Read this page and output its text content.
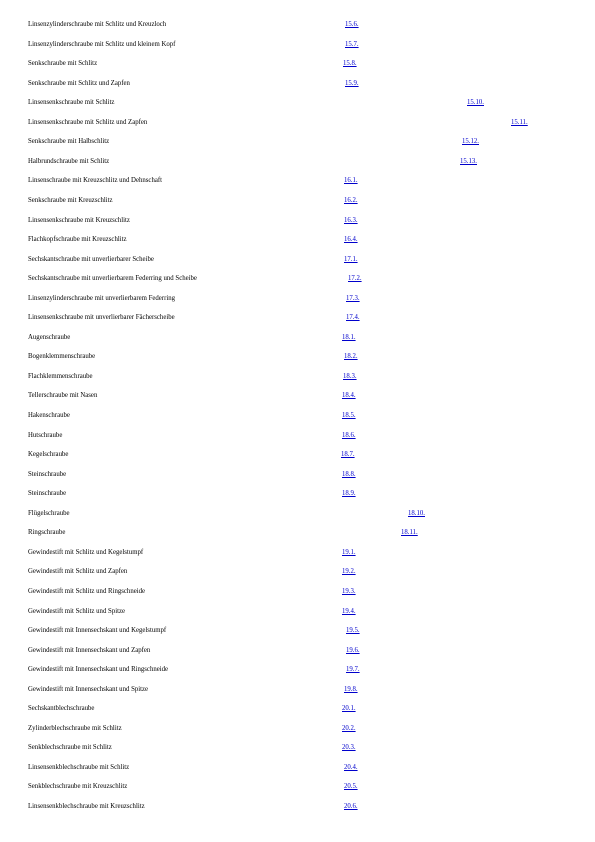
Linsenzylinderschraube mit Schlitz und Kreuzloch	15.6.
Linsenzylinderschraube mit Schlitz und kleinem Kopf	15.7.
Senkschraube mit Schlitz	15.8.
Senkschraube mit Schlitz und Zapfen	15.9.
Linsensenkschraube mit Schlitz	15.10.
Linsensenkschraube mit Schlitz und Zapfen	15.11.
Senkschraube mit Halbschlitz	15.12.
Halbrundschraube mit Schlitz	15.13.
Linsenschraube mit Kreuzschlitz und Dehnschaft	16.1.
Senkschraube mit Kreuzschlitz	16.2.
Linsensenkschraube mit Kreuzschlitz	16.3.
Flachkopfschraube mit Kreuzschlitz	16.4.
Sechskantschraube mit unverlierbarer Scheibe	17.1.
Sechskantschraube mit unverlierbarem Federring und Scheibe	17.2.
Linsenzylinderschraube mit unverlierbarem Federring	17.3.
Linsensenkschraube mit unverlierbarer Fächerscheibe	17.4.
Augenschraube	18.1.
Bogenklemmenschraube	18.2.
Flachklemmenschraube	18.3.
Tellerschraube mit Nasen	18.4.
Hakenschraube	18.5.
Hutschraube	18.6.
Kegelschraube	18.7.
Steinschraube	18.8.
Steinschraube	18.9.
Flügelschraube	18.10.
Ringschraube	18.11.
Gewindestift mit Schlitz und Kegelstumpf	19.1.
Gewindestift mit Schlitz und Zapfen	19.2.
Gewindestift mit Schlitz und Ringschneide	19.3.
Gewindestift mit Schlitz und Spitze	19.4.
Gewindestift mit Innensechskant und Kegelstumpf	19.5.
Gewindestift mit Innensechskant und Zapfen	19.6.
Gewindestift mit Innensechskant und Ringschneide	19.7.
Gewindestift mit Innensechskant und Spitze	19.8.
Sechskantblechschraube	20.1.
Zylinderblechschraube mit Schlitz	20.2.
Senkblechschraube mit Schlitz	20.3.
Linsensenkblechschraube mit Schlitz	20.4.
Senkblechschraube mit Kreuzschlitz	20.5.
Linsensenkblechschraube mit Kreuzschlitz	20.6.
